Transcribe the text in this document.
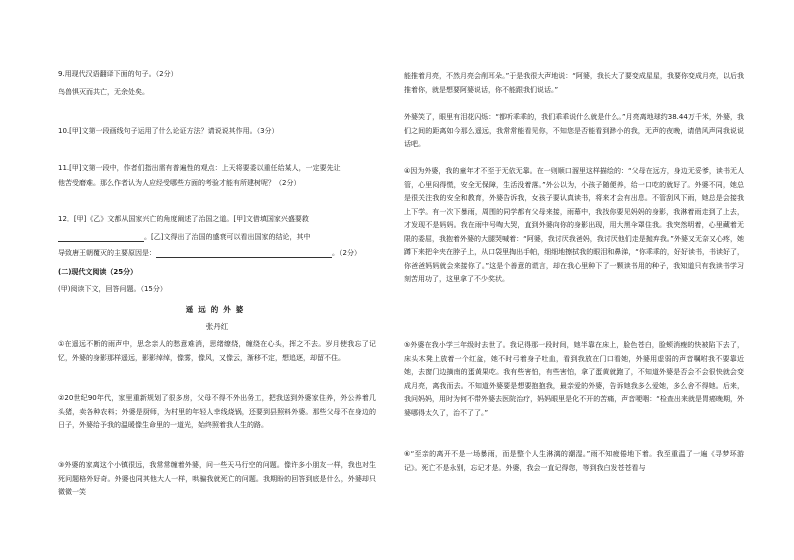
9.用现代汉语翻译下面的句子。（2分）
鸟兽惧灭而共亡，无余处矣。
10.[甲]文第一段画线句子运用了什么论证方法？请说说其作用。（3分）
11.[甲]文第一段中，作者们指出需有普遍性的观点：上天将要委以重任给某人，一定要先让
他苦受磨难。那么作者认为人应经受哪些方面的考验才能有所建树呢？（2分）
12．[甲]《乙》文都从国家兴亡的角度阐述了治国之道。[甲]文借填国家兴盛要救
。[乙]文得出了治国的盛衰可以看出国家的结论，其中
导致唐王朝覆灭的主要原因是：	。（2分）
(二)现代文阅读（25分）
(甲)阅读下文，回答问题。（15分）
遥远的外婆
张丹红
①在遥远不断的雨声中，思念亲人的愁意难消，思绪缭绕，缠绕在心头，挥之不去。岁月使我忘了记忆，外婆的身影那样遥远，影影绰绰，像雾，像风，又像云，渐移不定，想追逐，却留不住。
②20世纪90年代，家里重新规划了很多房，父母不得不外出务工，把我送到外婆家住养，外公养着几头猪，卖各种农料；外婆是厨师，为村里的年轻人幸线烧锅，还要到县照料外婆。那些父母不在身边的日子，外婆给予我的温暖像生命里的一道光，始终照着我人生的路。
③外婆的家离这个小镇很远，我常常缠着外婆，问一些天马行空的问题。像许多小朋友一样，我也对生死问题格外好奇。外婆也同其他大人一样，哄骗我就死亡的问题。我期盼的回答到底是什么，外婆却只微微一笑
能推着月亮，不然月亮会削耳朵。”于是我很大声地说：“阿婆，我长大了要变成星星，我要你变成月亮，以后我推着你，就是想要阿婆说话，你不能跟我们说话。”
外婆笑了，眼里有泪花闪烁：“都听乖乖的，我们乖乖说什么就是什么。”月亮离地球约38.44万千米，外婆，我们之间的距离如今那么遥远，我常常能看见你，不知您是否能看到渺小的我，无声的夜晚，请借风声同我说说话吧。
④因为外婆，我的童年才不至于无依无靠。在一则顺口溜里这样描绘的：“父母在远方，身边无妥爹，读书无人管，心里闷得慌，安全无保障，生活没着落。”外公以为，小孩子随便养，给一口吃的就好了。外婆不同，她总是很关注我的安全和教育，外婆告诉我，女孩子要认真读书，将来才会有出息。不管刮风下雨，她总是会接我上下学。有一次下暴雨，周围的同学都有父母来接，雨幕中，我找你要见妈妈的身影，我淋着雨走到了上去，才发现不是妈妈。我在雨中号啕大哭，直到外婆向你的身影出现，用大黑伞罩住我。我突然明着，心里藏着无限的委屈，我抱着外婆的大腿哭喊着：“阿婆，我讨厌我爸妈，我讨厌他们走是抛弃我。”外婆又无奈又心疼，她蹲下来把伞夹在脖子上，从口袋里掏出手帕，细细地擦拭我的眼泪和鼻涕，“你乖乖的，好好读书，书读好了，你爸爸妈妈就会来接你了。”这是个善意的谎言，却在我心里种下了一颗读书用的种子，我知道只有我读书学习刻苦用功了，这里拿了不少奖状。
⑤外婆在我小学三年级时去世了。我记得那一段时间，她半靠在床上，脸色苍白，脸颊消瘦的快被陷下去了，床头木凳上放着一个红盆，她不时弓着身子吐血，看到我放在门口看她，外婆用虚弱的声音嘱咐我不要靠近她，去窗门边摘南的蛋黄果吃。我有些害怕，有些害怕，拿了蛋黄就跑了，不知道外婆是否会不会很快就会变成月亮，离我而去。不知道外婆要是想要抱抱我，最亲爱的外婆，告诉她我多么爱她，多么舍不得她。后来，我问妈妈，用时为何不带外婆去医院治疗，妈妈眼里是化不开的苦痛，声音哽咽：“检查出来就是胃癌晚期，外婆哪得太久了，治不了了。”
⑥“至亲的离开不是一场暴雨，而是整个人生淋漓的潮湿。”雨不知疲倦地下着。我至重温了一遍《寻梦环游记》。死亡不是永别，忘记才是。外婆，我会一直记得您，等到我白发苍苍看与
